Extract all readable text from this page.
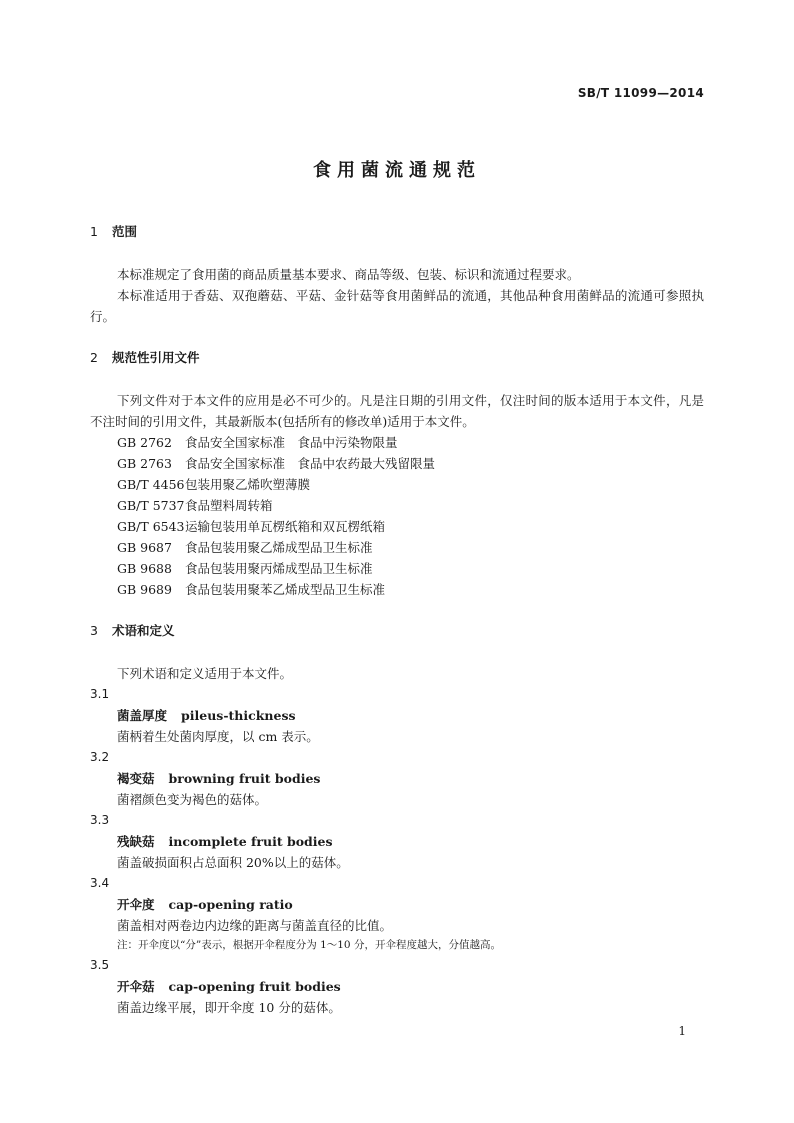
SB/T 11099—2014
食用菌流通规范
1 范围
本标准规定了食用菌的商品质量基本要求、商品等级、包装、标识和流通过程要求。
本标准适用于香菇、双孢蘑菇、平菇、金针菇等食用菌鲜品的流通，其他品种食用菌鲜品的流通可参照执行。
2 规范性引用文件
下列文件对于本文件的应用是必不可少的。凡是注日期的引用文件，仅注时间的版本适用于本文件，凡是不注时间的引用文件，其最新版本(包括所有的修改单)适用于本文件。
GB 2762 食品安全国家标准　食品中污染物限量
GB 2763 食品安全国家标准　食品中农药最大残留限量
GB/T 4456包装用聚乙烯吹塑薄膜
GB/T 5737食品塑料周转箱
GB/T 6543运输包装用单瓦楞纸箱和双瓦楞纸箱
GB 9687 食品包装用聚乙烯成型品卫生标准
GB 9688 食品包装用聚丙烯成型品卫生标准
GB 9689 食品包装用聚苯乙烯成型品卫生标准
3 术语和定义
下列术语和定义适用于本文件。
3.1
菌盖厚度 pileus-thickness
菌柄着生处菌肉厚度，以 cm 表示。
3.2
褐变菇 browning fruit bodies
菌褶颜色变为褐色的菇体。
3.3
残缺菇 incomplete fruit bodies
菌盖破损面积占总面积 20%以上的菇体。
3.4
开伞度 cap-opening ratio
菌盖相对两卷边内边缘的距离与菌盖直径的比值。
注：开伞度以“分”表示，根据开伞程度分为 1～10 分，开伞程度越大，分值越高。
3.5
开伞菇 cap-opening fruit bodies
菌盖边缘平展，即开伞度 10 分的菇体。
1
